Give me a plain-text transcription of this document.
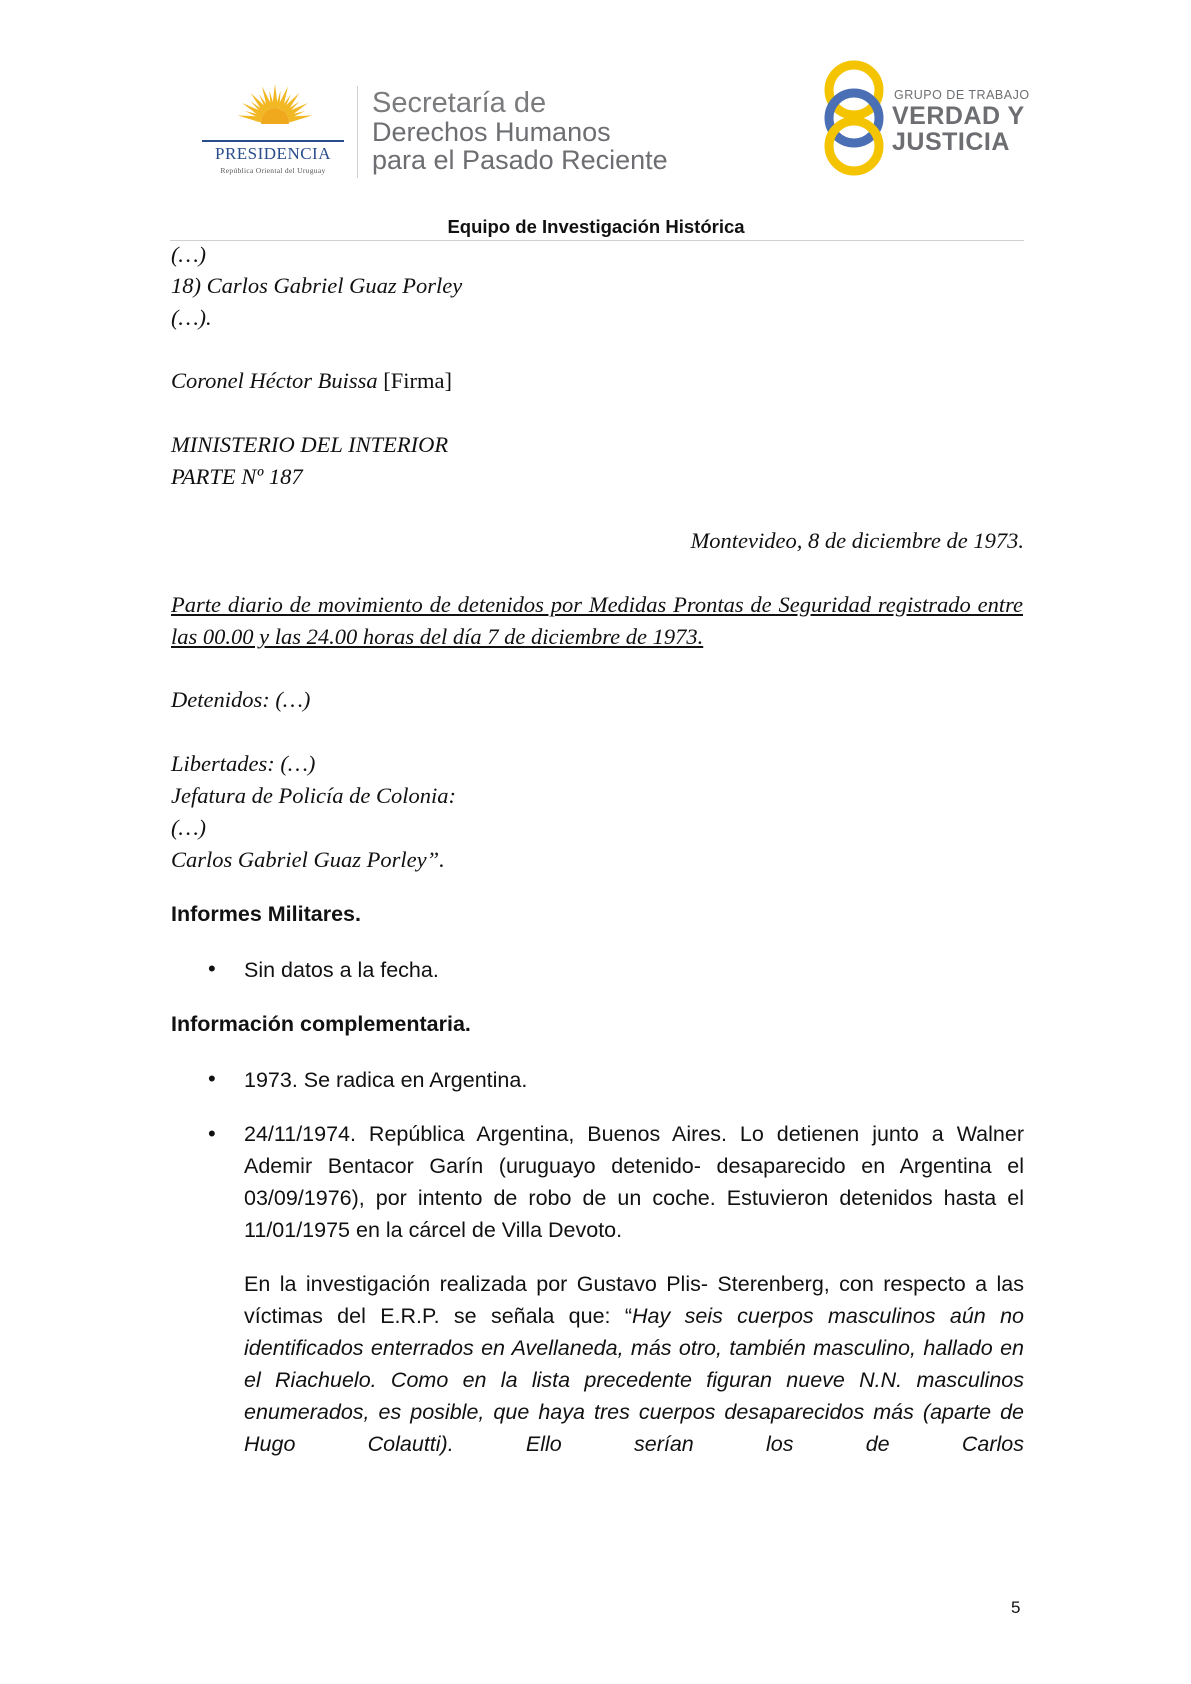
PRESIDENCIA
República Oriental del Uruguay
Secretaría de
Derechos Humanos
para el Pasado Reciente
GRUPO DE TRABAJO
VERDAD Y
JUSTICIA
Equipo de Investigación Histórica
(…)
18) Carlos Gabriel Guaz Porley
(…).
Coronel Héctor Buissa [Firma]
MINISTERIO DEL INTERIOR
PARTE Nº 187
Montevideo, 8 de diciembre de 1973.
Parte diario de movimiento de detenidos por Medidas Prontas de Seguridad registrado entre las 00.00 y las 24.00 horas del día 7 de diciembre de 1973.
Detenidos: (…)
Libertades: (…)
Jefatura de Policía de Colonia:
(…)
Carlos Gabriel Guaz Porley”.
Informes Militares.
• Sin datos a la fecha.
Información complementaria.
• 1973. Se radica en Argentina.
• 24/11/1974. República Argentina, Buenos Aires. Lo detienen junto a Walner Ademir Bentacor Garín (uruguayo detenido- desaparecido en Argentina el 03/09/1976), por intento de robo de un coche. Estuvieron detenidos hasta el 11/01/1975 en la cárcel de Villa Devoto.
En la investigación realizada por Gustavo Plis- Sterenberg, con respecto a las víctimas del E.R.P. se señala que: “Hay seis cuerpos masculinos aún no identificados enterrados en Avellaneda, más otro, también masculino, hallado en el Riachuelo. Como en la lista precedente figuran nueve N.N. masculinos enumerados, es posible, que haya tres cuerpos desaparecidos más (aparte de Hugo Colautti). Ello serían los de Carlos
5
